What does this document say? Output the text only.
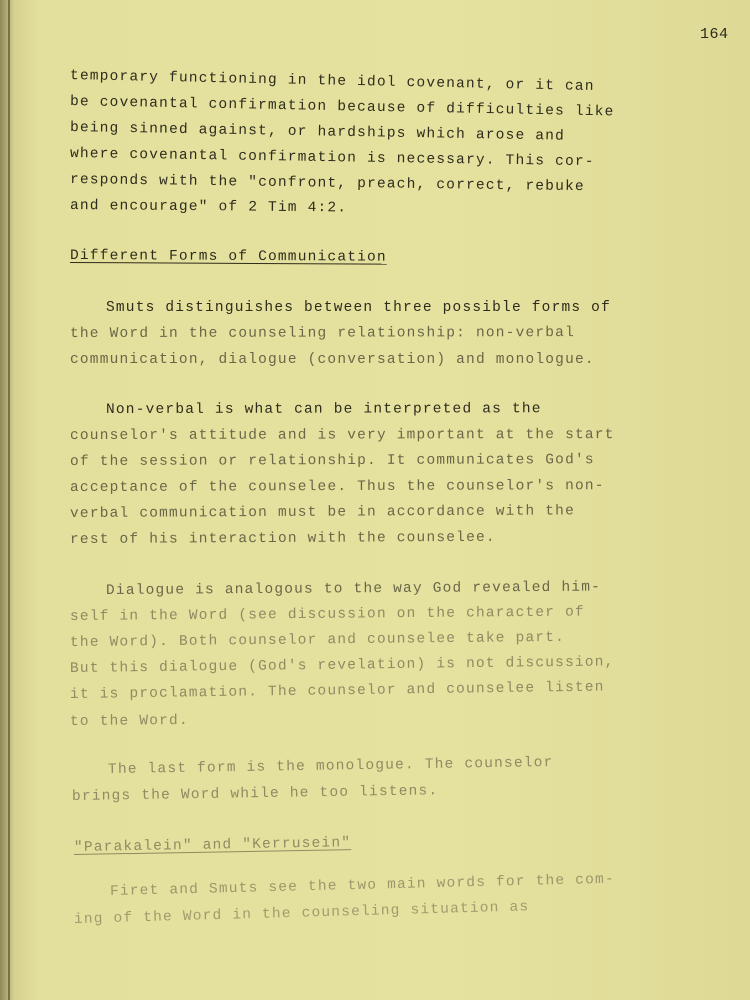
164
temporary functioning in the idol covenant, or it can
be covenantal confirmation because of difficulties like
being sinned against, or hardships which arose and
where covenantal confirmation is necessary. This cor-
responds with the "confront, preach, correct, rebuke
and encourage" of 2 Tim 4:2.
Different Forms of Communication
Smuts distinguishes between three possible forms of
the Word in the counseling relationship: non-verbal
communication, dialogue (conversation) and monologue.
Non-verbal is what can be interpreted as the
counselor's attitude and is very important at the start
of the session or relationship. It communicates God's
acceptance of the counselee. Thus the counselor's non-
verbal communication must be in accordance with the
rest of his interaction with the counselee.
Dialogue is analogous to the way God revealed him-
self in the Word (see discussion on the character of
the Word). Both counselor and counselee take part.
But this dialogue (God's revelation) is not discussion,
it is proclamation. The counselor and counselee listen
to the Word.
The last form is the monologue. The counselor
brings the Word while he too listens.
"Parakalein" and "Kerrusein"
Firet and Smuts see the two main words for the com-
ing of the Word in the counseling situation as
